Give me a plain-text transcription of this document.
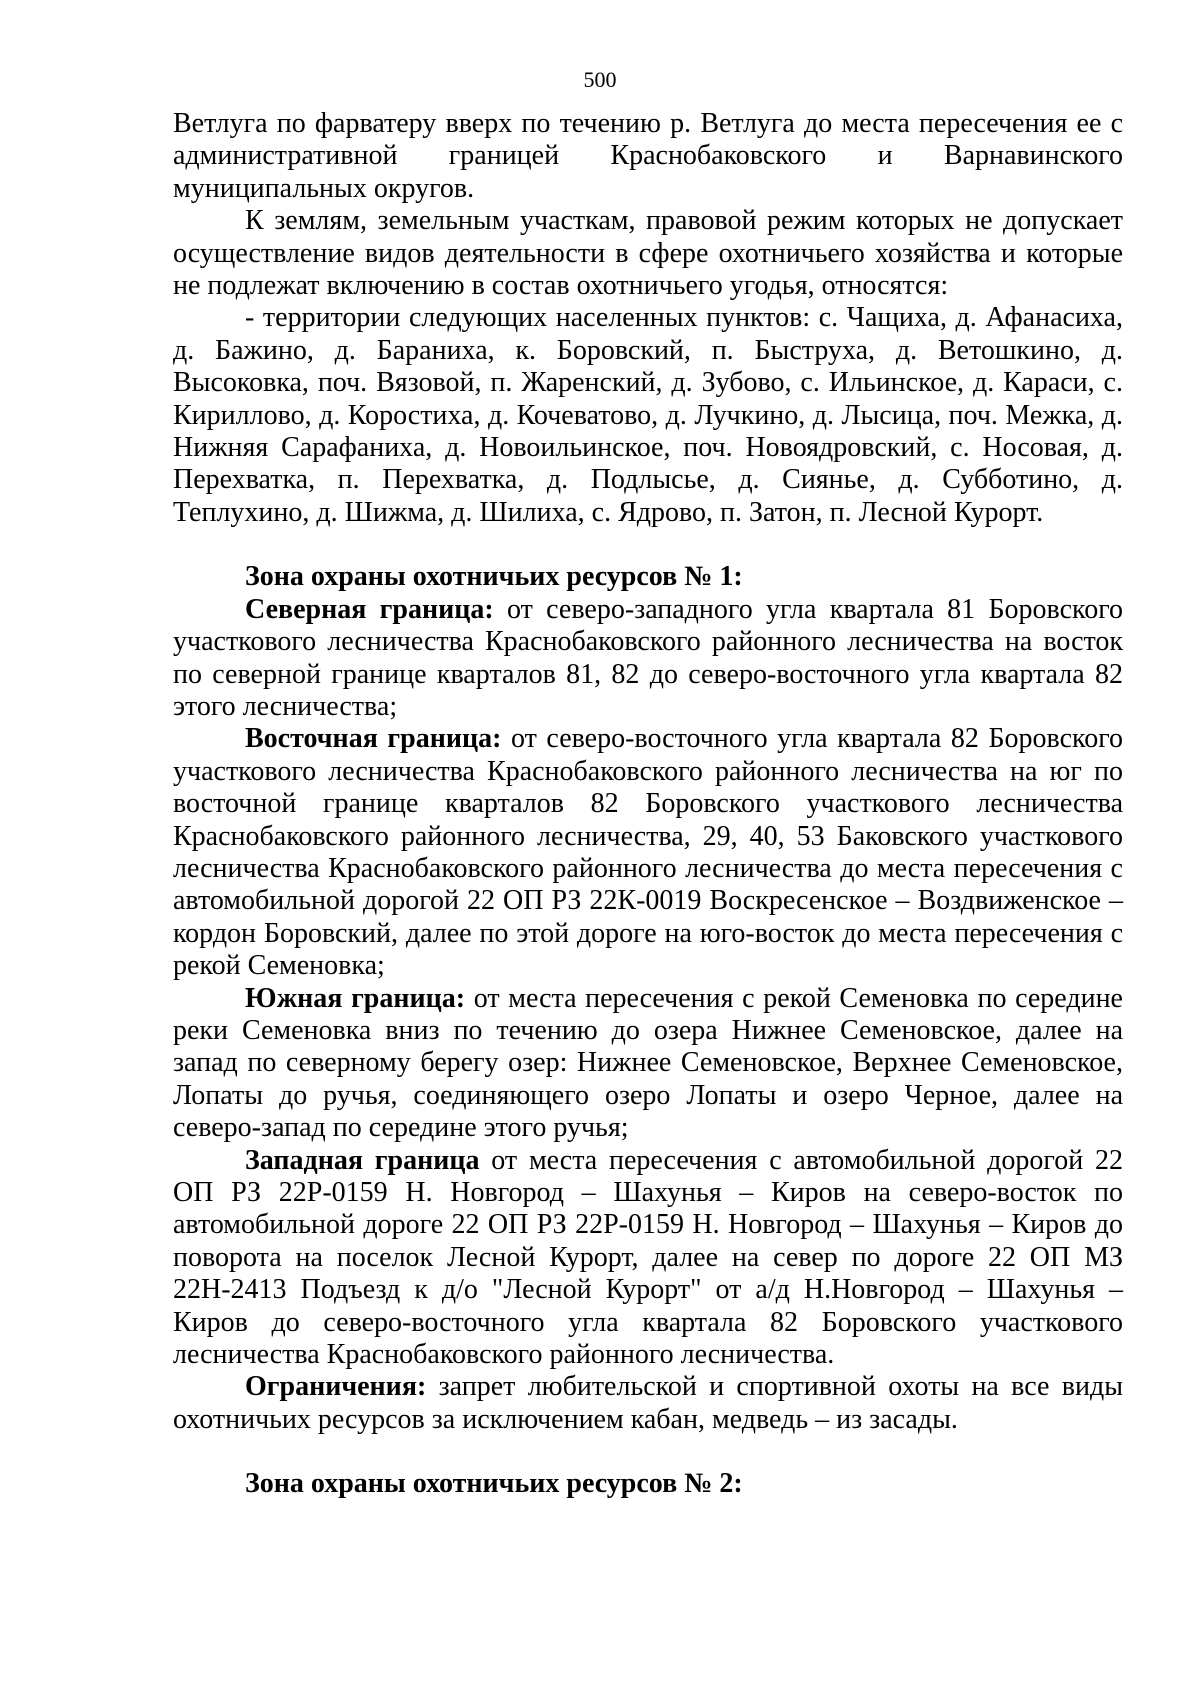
500

Ветлуга по фарватеру вверх по течению р. Ветлуга до места пересечения ее с административной границей Краснобаковского и Варнавинского муниципальных округов.

К землям, земельным участкам, правовой режим которых не допускает осуществление видов деятельности в сфере охотничьего хозяйства и которые не подлежат включению в состав охотничьего угодья, относятся:

- территории следующих населенных пунктов: с. Чащиха, д. Афанасиха, д. Бажино, д. Бараниха, к. Боровский, п. Быструха, д. Ветошкино, д. Высоковка, поч. Вязовой, п. Жаренский, д. Зубово, с. Ильинское, д. Караси, с. Кириллово, д. Коростиха, д. Кочеватово, д. Лучкино, д. Лысица, поч. Межка, д. Нижняя Сарафаниха, д. Новоильинское, поч. Новоядровский, с. Носовая, д. Перехватка, п. Перехватка, д. Подлысье, д. Сиянье, д. Субботино, д. Теплухино, д. Шижма, д. Шилиха, с. Ядрово, п. Затон, п. Лесной Курорт.

Зона охраны охотничьих ресурсов № 1:

Северная граница: от северо-западного угла квартала 81 Боровского участкового лесничества Краснобаковского районного лесничества на восток по северной границе кварталов 81, 82 до северо-восточного угла квартала 82 этого лесничества;

Восточная граница: от северо-восточного угла квартала 82 Боровского участкового лесничества Краснобаковского районного лесничества на юг по восточной границе кварталов 82 Боровского участкового лесничества Краснобаковского районного лесничества, 29, 40, 53 Баковского участкового лесничества Краснобаковского районного лесничества до места пересечения с автомобильной дорогой 22 ОП РЗ 22К-0019 Воскресенское – Воздвиженское – кордон Боровский, далее по этой дороге на юго-восток до места пересечения с рекой Семеновка;

Южная граница: от места пересечения с рекой Семеновка по середине реки Семеновка вниз по течению до озера Нижнее Семеновское, далее на запад по северному берегу озер: Нижнее Семеновское, Верхнее Семеновское, Лопаты до ручья, соединяющего озеро Лопаты и озеро Черное, далее на северо-запад по середине этого ручья;

Западная граница от места пересечения с автомобильной дорогой 22 ОП РЗ 22Р-0159 Н. Новгород – Шахунья – Киров на северо-восток по автомобильной дороге 22 ОП РЗ 22Р-0159 Н. Новгород – Шахунья – Киров до поворота на поселок Лесной Курорт, далее на север по дороге 22 ОП МЗ 22Н-2413 Подъезд к д/о "Лесной Курорт" от а/д Н.Новгород – Шахунья – Киров до северо-восточного угла квартала 82 Боровского участкового лесничества Краснобаковского районного лесничества.

Ограничения: запрет любительской и спортивной охоты на все виды охотничьих ресурсов за исключением кабан, медведь – из засады.

Зона охраны охотничьих ресурсов № 2:
